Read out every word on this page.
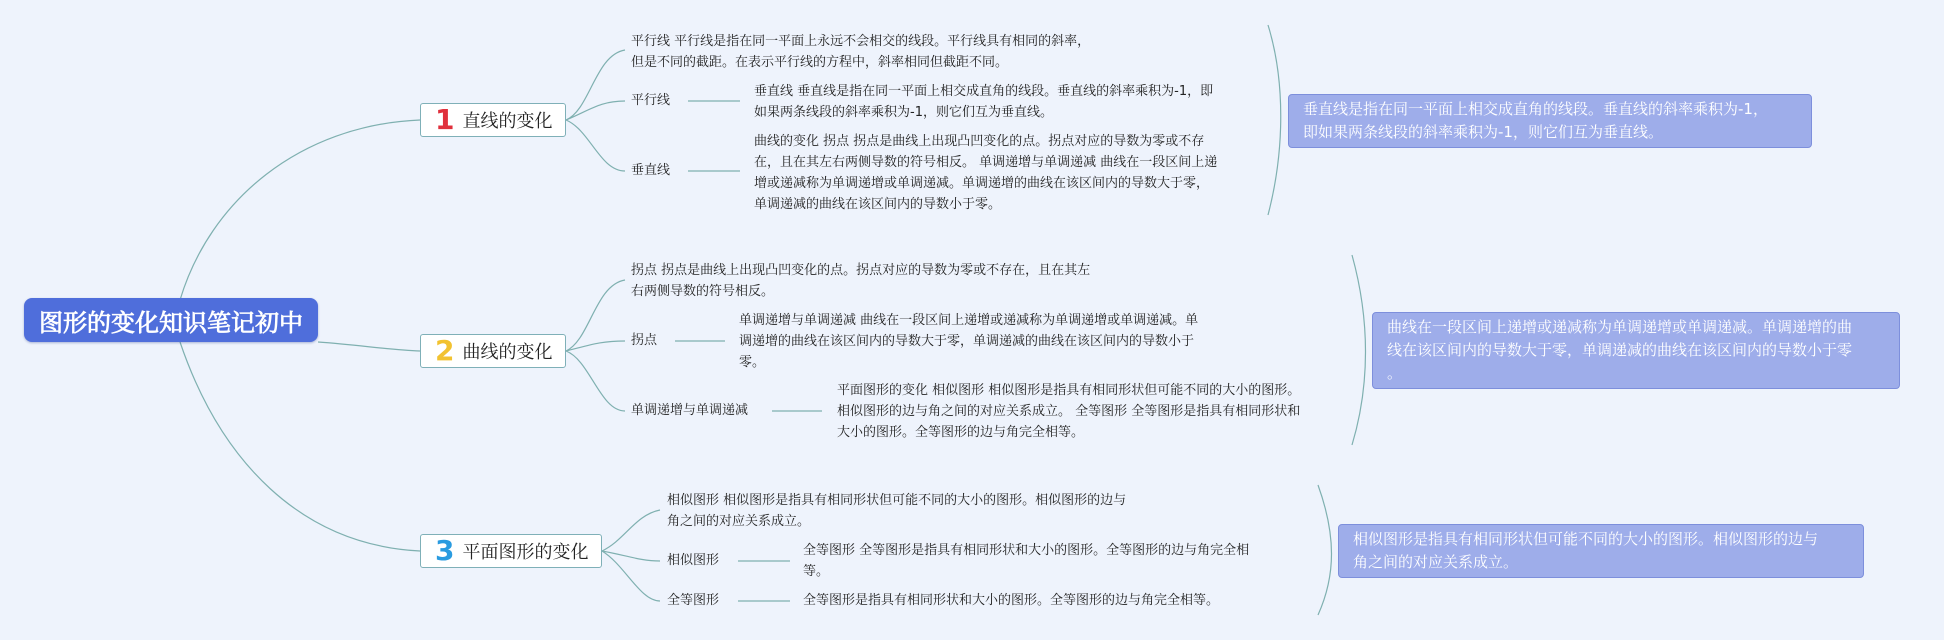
图形的变化知识笔记初中
1 直线的变化
平行线 平行线是指在同一平面上永远不会相交的线段。平行线具有相同的斜率，
但是不同的截距。在表示平行线的方程中，斜率相同但截距不同。
平行线
垂直线 垂直线是指在同一平面上相交成直角的线段。垂直线的斜率乘积为-1，即
如果两条线段的斜率乘积为-1，则它们互为垂直线。
垂直线
曲线的变化 拐点 拐点是曲线上出现凸凹变化的点。拐点对应的导数为零或不存
在，且在其左右两侧导数的符号相反。 单调递增与单调递减 曲线在一段区间上递
增或递减称为单调递增或单调递减。单调递增的曲线在该区间内的导数大于零，
单调递减的曲线在该区间内的导数小于零。
垂直线是指在同一平面上相交成直角的线段。垂直线的斜率乘积为-1，
即如果两条线段的斜率乘积为-1，则它们互为垂直线。
2 曲线的变化
拐点 拐点是曲线上出现凸凹变化的点。拐点对应的导数为零或不存在，且在其左
右两侧导数的符号相反。
拐点
单调递增与单调递减 曲线在一段区间上递增或递减称为单调递增或单调递减。单
调递增的曲线在该区间内的导数大于零，单调递减的曲线在该区间内的导数小于
零。
单调递增与单调递减
平面图形的变化 相似图形 相似图形是指具有相同形状但可能不同的大小的图形。
相似图形的边与角之间的对应关系成立。 全等图形 全等图形是指具有相同形状和
大小的图形。全等图形的边与角完全相等。
曲线在一段区间上递增或递减称为单调递增或单调递减。单调递增的曲
线在该区间内的导数大于零，单调递减的曲线在该区间内的导数小于零
。
3 平面图形的变化
相似图形 相似图形是指具有相同形状但可能不同的大小的图形。相似图形的边与
角之间的对应关系成立。
相似图形
全等图形 全等图形是指具有相同形状和大小的图形。全等图形的边与角完全相
等。
全等图形	全等图形是指具有相同形状和大小的图形。全等图形的边与角完全相等。
相似图形是指具有相同形状但可能不同的大小的图形。相似图形的边与
角之间的对应关系成立。
